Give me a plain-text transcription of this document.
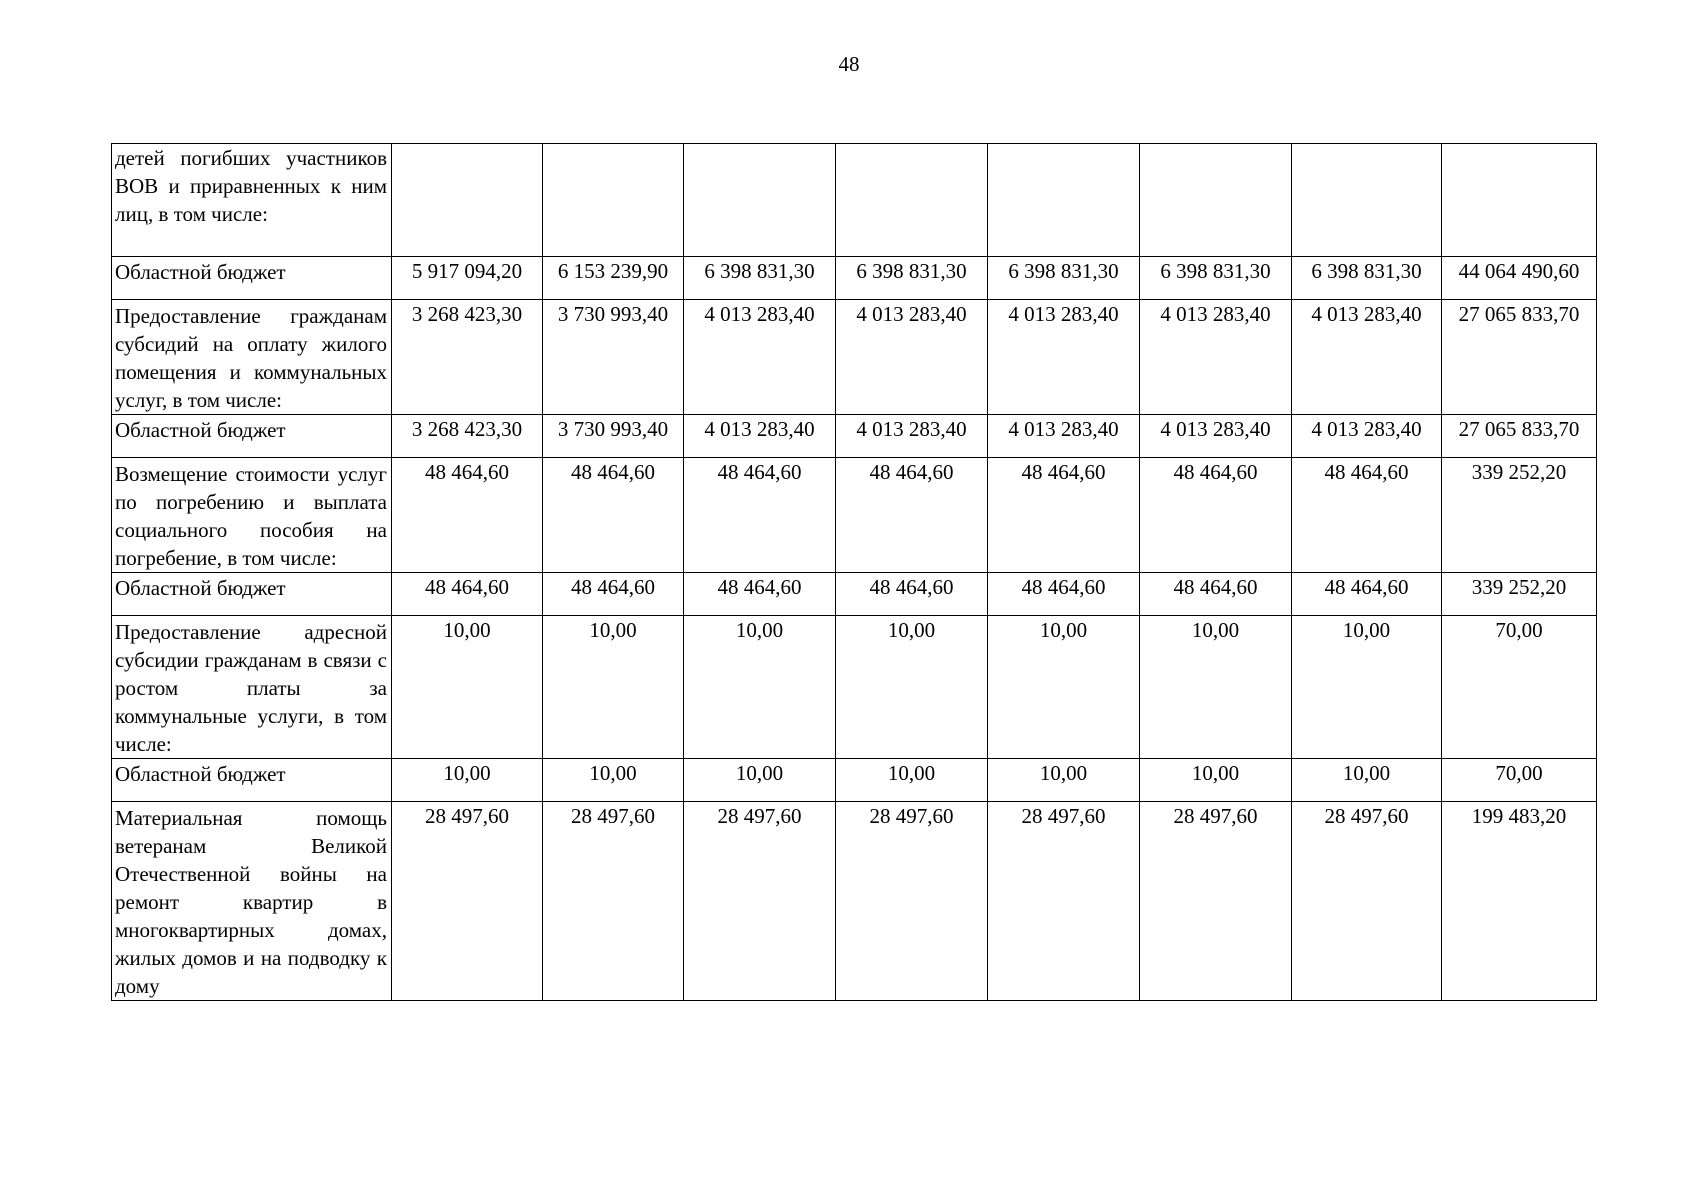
48
детей погибших участников ВОВ и приравненных к ним лиц, в том числе:								
Областной бюджет	5 917 094,20	6 153 239,90	6 398 831,30	6 398 831,30	6 398 831,30	6 398 831,30	6 398 831,30	44 064 490,60
Предоставление гражданам субсидий на оплату жилого помещения и коммунальных услуг, в том числе:	3 268 423,30	3 730 993,40	4 013 283,40	4 013 283,40	4 013 283,40	4 013 283,40	4 013 283,40	27 065 833,70
Областной бюджет	3 268 423,30	3 730 993,40	4 013 283,40	4 013 283,40	4 013 283,40	4 013 283,40	4 013 283,40	27 065 833,70
Возмещение стоимости услуг по погребению и выплата социального пособия на погребение, в том числе:	48 464,60	48 464,60	48 464,60	48 464,60	48 464,60	48 464,60	48 464,60	339 252,20
Областной бюджет	48 464,60	48 464,60	48 464,60	48 464,60	48 464,60	48 464,60	48 464,60	339 252,20
Предоставление адресной субсидии гражданам в связи с ростом платы за коммунальные услуги, в том числе:	10,00	10,00	10,00	10,00	10,00	10,00	10,00	70,00
Областной бюджет	10,00	10,00	10,00	10,00	10,00	10,00	10,00	70,00
Материальная помощь ветеранам Великой Отечественной войны на ремонт квартир в многоквартирных домах, жилых домов и на подводку к дому	28 497,60	28 497,60	28 497,60	28 497,60	28 497,60	28 497,60	28 497,60	199 483,20
